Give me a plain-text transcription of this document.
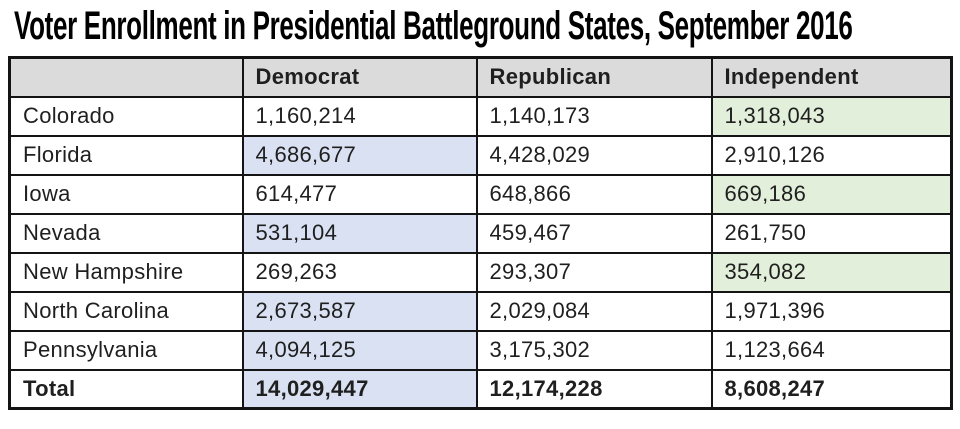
Voter Enrollment in Presidential Battleground States, September 2016
	Democrat	Republican	Independent
Colorado	1,160,214	1,140,173	1,318,043
Florida	4,686,677	4,428,029	2,910,126
Iowa	614,477	648,866	669,186
Nevada	531,104	459,467	261,750
New Hampshire	269,263	293,307	354,082
North Carolina	2,673,587	2,029,084	1,971,396
Pennsylvania	4,094,125	3,175,302	1,123,664
Total	14,029,447	12,174,228	8,608,247
